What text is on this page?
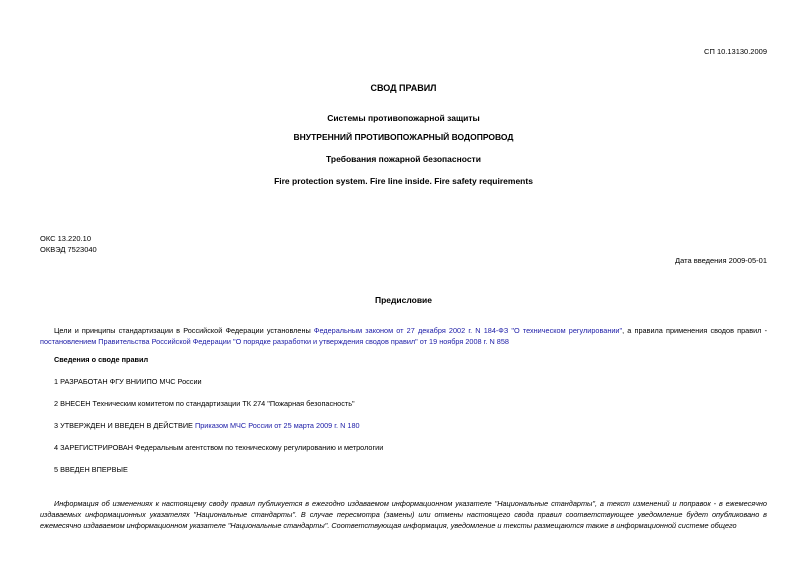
СП 10.13130.2009
СВОД ПРАВИЛ
Системы противопожарной защиты
ВНУТРЕННИЙ ПРОТИВОПОЖАРНЫЙ ВОДОПРОВОД
Требования пожарной безопасности
Fire protection system. Fire line inside. Fire safety requirements
ОКС 13.220.10
ОКВЭД 7523040
Дата введения 2009-05-01
Предисловие
Цели и принципы стандартизации в Российской Федерации установлены Федеральным законом от 27 декабря 2002 г. N 184-ФЗ "О техническом регулировании", а правила применения сводов правил - постановлением Правительства Российской Федерации "О порядке разработки и утверждения сводов правил" от 19 ноября 2008 г. N 858
Сведения о своде правил
1 РАЗРАБОТАН ФГУ ВНИИПО МЧС России
2 ВНЕСЕН Техническим комитетом по стандартизации ТК 274 "Пожарная безопасность"
3 УТВЕРЖДЕН И ВВЕДЕН В ДЕЙСТВИЕ Приказом МЧС России от 25 марта 2009 г. N 180
4 ЗАРЕГИСТРИРОВАН Федеральным агентством по техническому регулированию и метрологии
5 ВВЕДЕН ВПЕРВЫЕ
Информация об изменениях к настоящему своду правил публикуется в ежегодно издаваемом информационном указателе "Национальные стандарты", а текст изменений и поправок - в ежемесячно издаваемых информационных указателях "Национальные стандарты". В случае пересмотра (замены) или отмены настоящего свода правил соответствующее уведомление будет опубликовано в ежемесячно издаваемом информационном указателе "Национальные стандарты". Соответствующая информация, уведомление и тексты размещаются также в информационной системе общего
